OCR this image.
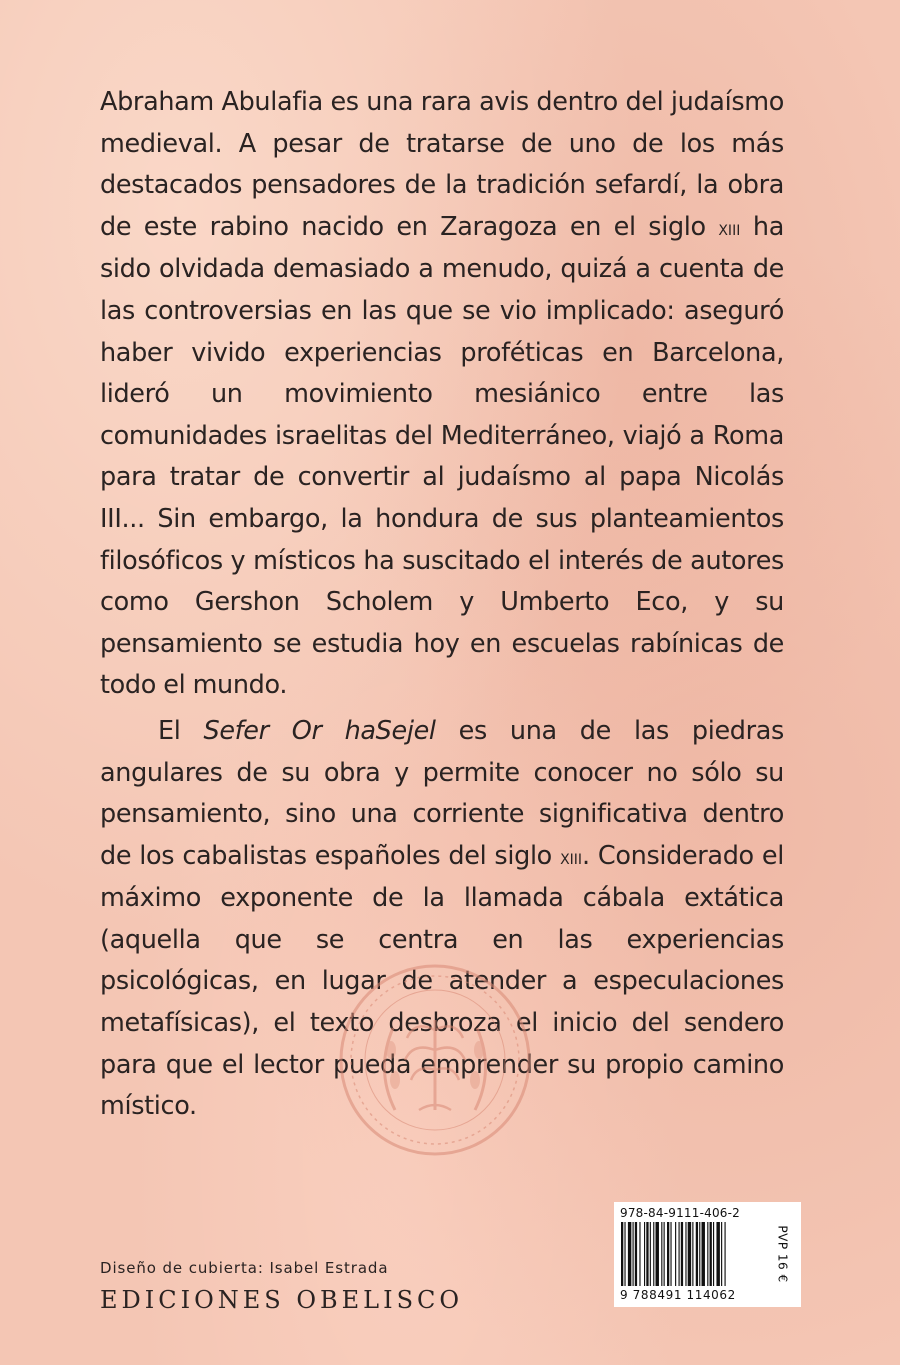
Abraham Abulafia es una rara avis dentro del judaísmo medieval. A pesar de tratarse de uno de los más destacados pensadores de la tradición sefardí, la obra de este rabino nacido en Zaragoza en el siglo xiii ha sido olvidada demasiado a menudo, quizá a cuenta de las controversias en las que se vio implicado: aseguró haber vivido experiencias proféticas en Barcelona, lideró un movimiento mesiánico entre las comunidades israelitas del Mediterráneo, viajó a Roma para tratar de convertir al judaísmo al papa Nicolás III... Sin embargo, la hondura de sus planteamientos filosóficos y místicos ha suscitado el interés de autores como Gershon Scholem y Umberto Eco, y su pensamiento se estudia hoy en escuelas rabínicas de todo el mundo.

El Sefer Or haSejel es una de las piedras angulares de su obra y permite conocer no sólo su pensamiento, sino una corriente significativa dentro de los cabalistas españoles del siglo xiii. Considerado el máximo exponente de la llamada cábala extática (aquella que se centra en las experiencias psicológicas, en lugar de atender a especulaciones metafísicas), el texto desbroza el inicio del sendero para que el lector pueda emprender su propio camino místico.

Diseño de cubierta: Isabel Estrada
EDICIONES OBELISCO
978-84-9111-406-2
9 788491 114062
PVP 16 €
